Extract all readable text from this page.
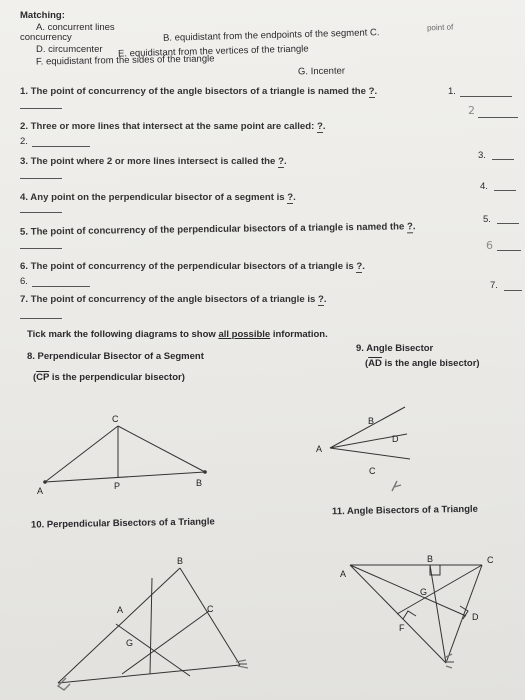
Matching:
A. concurrent lines
concurrency	B. equidistant from the endpoints of the segment C.	point of
D. circumcenter E. equidistant from the vertices of the triangle
F. equidistant from the sides of the triangle
G. Incenter
1. The point of concurrency of the angle bisectors of a triangle is named the ?.	1.
2
2. Three or more lines that intersect at the same point are called: ?.
2.
3.
3. The point where 2 or more lines intersect is called the ?.
4.
4. Any point on the perpendicular bisector of a segment is ?.
5.
5. The point of concurrency of the perpendicular bisectors of a triangle is named the ?.
6
6. The point of concurrency of the perpendicular bisectors of a triangle is ?.
6.	7.
7. The point of concurrency of the angle bisectors of a triangle is ?.
Tick mark the following diagrams to show all possible information.
8. Perpendicular Bisector of a Segment
($\overline{CP}$ is the perpendicular bisector)
C
A
B
P
9. Angle Bisector
($\overline{AD}$ is the angle bisector)
B
A
D
C
10. Perpendicular Bisectors of a Triangle
B
A	C
G
11. Angle Bisectors of a Triangle
B	C
A
G
D
F
